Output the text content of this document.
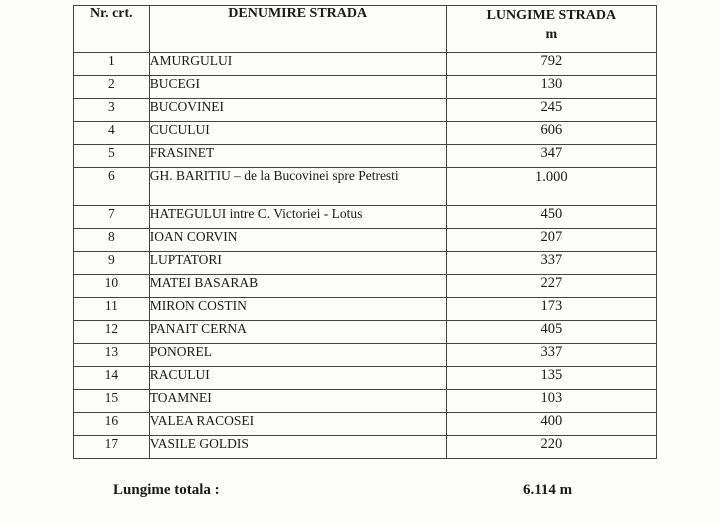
Nr. crt.	DENUMIRE STRADA	LUNGIME STRADA
m

1	AMURGULUI	792
2	BUCEGI	130
3	BUCOVINEI	245
4	CUCULUI	606
5	FRASINET	347
6	GH. BARITIU – de la Bucovinei spre Petresti	1.000
7	HATEGULUI intre C. Victoriei - Lotus	450
8	IOAN CORVIN	207
9	LUPTATORI	337
10	MATEI BASARAB	227
11	MIRON COSTIN	173
12	PANAIT CERNA	405
13	PONOREL	337
14	RACULUI	135
15	TOAMNEI	103
16	VALEA RACOSEI	400
17	VASILE GOLDIS	220
Lungime totala :	6.114 m
